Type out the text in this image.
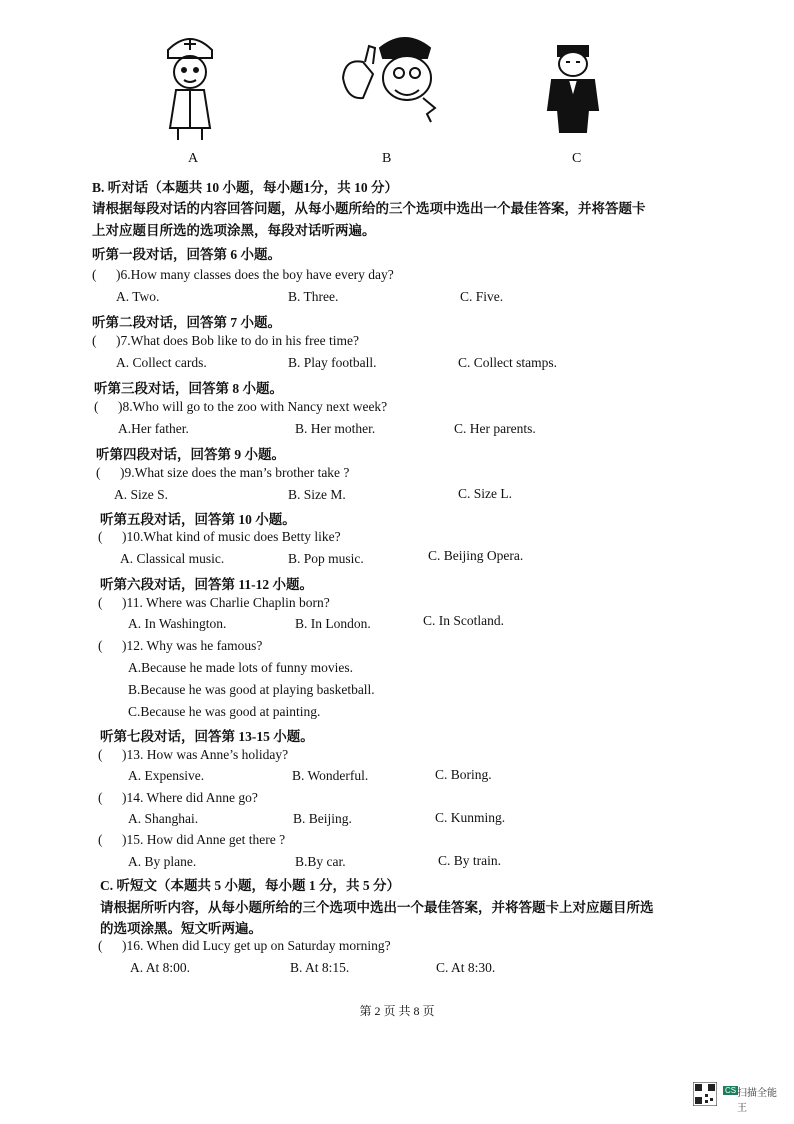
A	B	C
B. 听对话（本题共 10 小题，每小题1分，共 10 分）
请根据每段对话的内容回答问题，从每小题所给的三个选项中选出一个最佳答案，并将答题卡
上对应题目所选的选项涂黑，每段对话听两遍。
听第一段对话，回答第 6 小题。
( )6.How many classes does the boy have every day?
A. Two.	B. Three.	C. Five.
听第二段对话，回答第 7 小题。
( )7.What does Bob like to do in his free time?
A. Collect cards.	B. Play football.	C. Collect stamps.
听第三段对话，回答第 8 小题。
( )8.Who will go to the zoo with Nancy next week?
A.Her father.	B. Her mother.	C. Her parents.
听第四段对话，回答第 9 小题。
( )9.What size does the man’s brother take ?
A. Size S.	B. Size M.	C. Size L.
听第五段对话，回答第 10 小题。
( )10.What kind of music does Betty like?
A. Classical music.	B. Pop music.	C. Beijing Opera.
听第六段对话，回答第 11-12 小题。
( )11. Where was Charlie Chaplin born?
A. In Washington.	B. In London.	C. In Scotland.
( )12. Why was he famous?
A.Because he made lots of funny movies.
B.Because he was good at playing basketball.
C.Because he was good at painting.
听第七段对话，回答第 13-15 小题。
( )13. How was Anne’s holiday?
A. Expensive.	B. Wonderful.	C. Boring.
( )14. Where did Anne go?
A. Shanghai.	B. Beijing.	C. Kunming.
( )15. How did Anne get there ?
A. By plane.	B.By car.	C. By train.
C. 听短文（本题共 5 小题，每小题 1 分，共 5 分）
请根据所听内容，从每小题所给的三个选项中选出一个最佳答案，并将答题卡上对应题目所选
的选项涂黑。短文听两遍。
( )16. When did Lucy get up on Saturday morning?
A. At 8:00.	B. At 8:15.	C. At 8:30.
第 2 页 共 8 页
CS 扫描全能王
